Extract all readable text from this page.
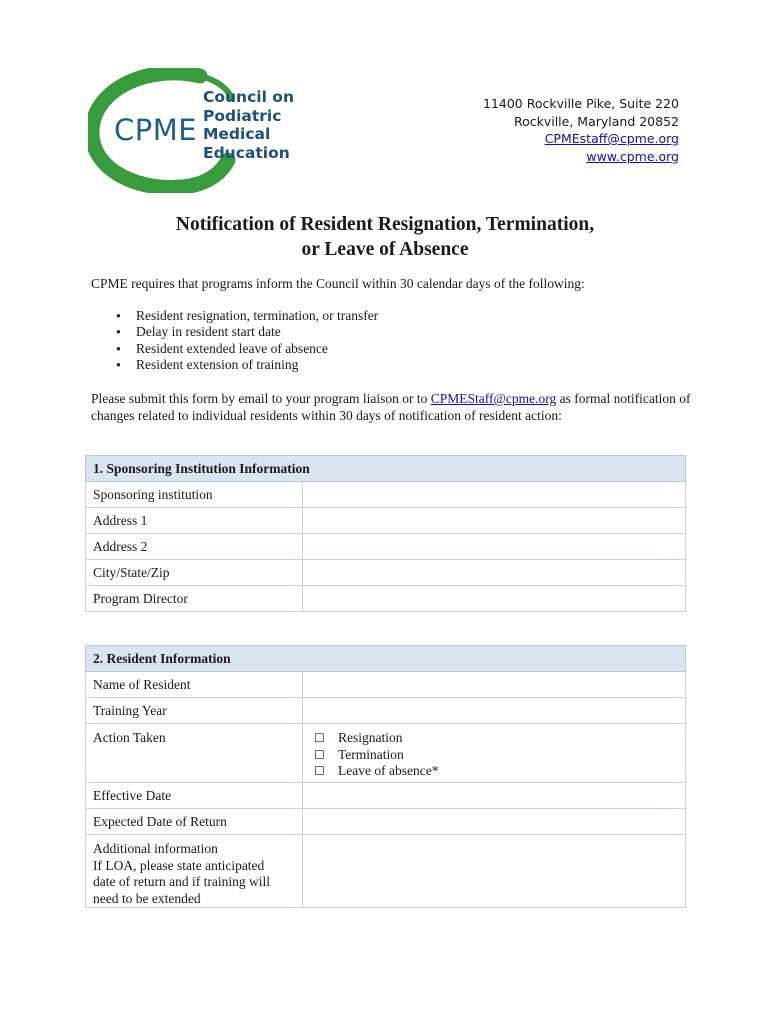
CPME
Council on
Podiatric Medical
Education
11400 Rockville Pike, Suite 220
Rockville, Maryland 20852
CPMEstaff@cpme.org
www.cpme.org
Notification of Resident Resignation, Termination,
or Leave of Absence
CPME requires that programs inform the Council within 30 calendar days of the following:
● Resident resignation, termination, or transfer
● Delay in resident start date
● Resident extended leave of absence
● Resident extension of training
Please submit this form by email to your program liaison or to CPMEStaff@cpme.org as formal notification of changes related to individual residents within 30 days of notification of resident action:
1. Sponsoring Institution Information	
Sponsoring institution	
Address 1	
Address 2	
City/State/Zip	
Program Director	
2. Resident Information	
Name of Resident	
Training Year	
Action Taken	☐ Resignation
☐ Termination
☐ Leave of absence*

Effective Date	
Expected Date of Return	

Additional information
If LOA, please state anticipated
date of return and if training will
need to be extended	
